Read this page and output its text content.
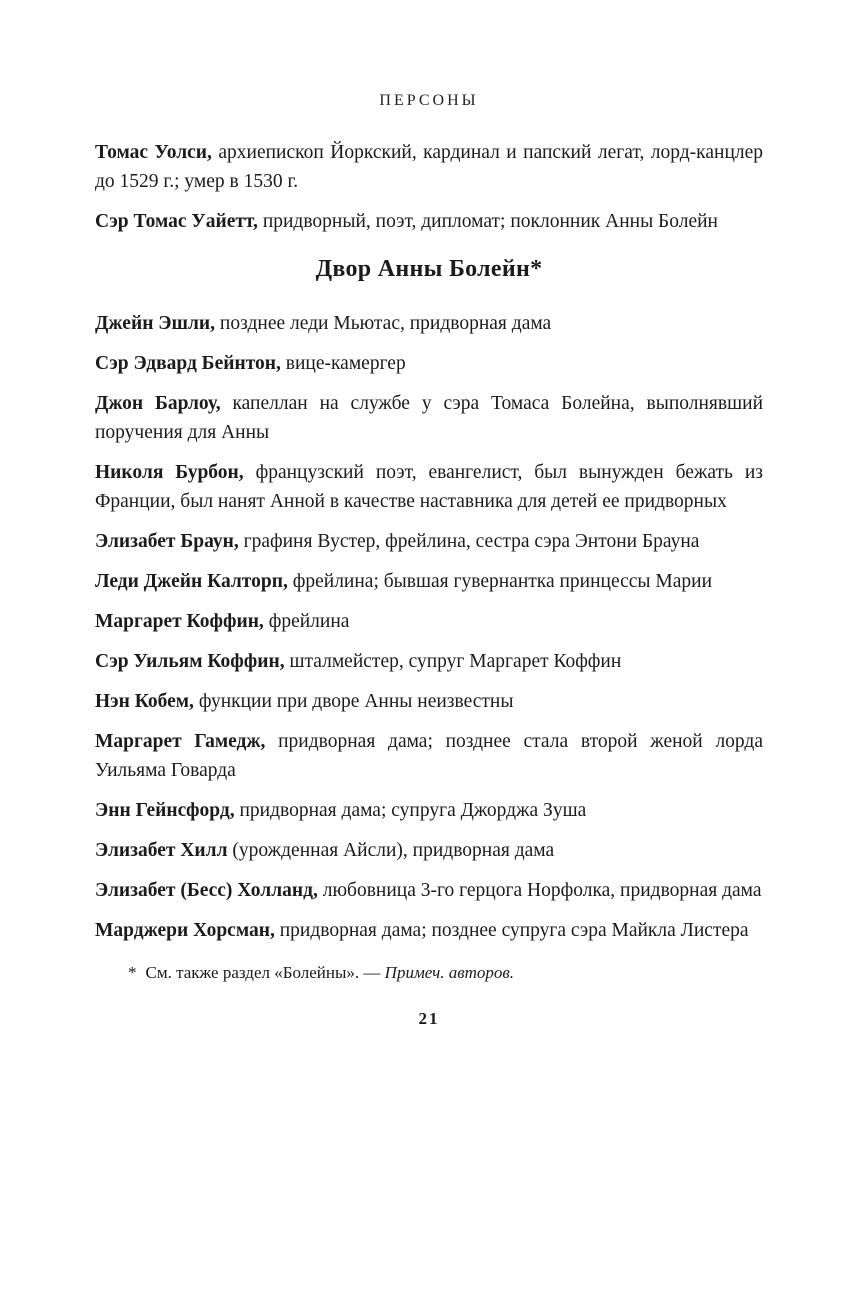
ПЕРСОНЫ

Томас Уолси, архиепископ Йоркский, кардинал и папский легат, лорд-канцлер до 1529 г.; умер в 1530 г.

Сэр Томас Уайетт, придворный, поэт, дипломат; поклонник Анны Болейн

Двор Анны Болейн*

Джейн Эшли, позднее леди Мьютас, придворная дама

Сэр Эдвард Бейнтон, вице-камергер

Джон Барлоу, капеллан на службе у сэра Томаса Болейна, выполнявший поручения для Анны

Николя Бурбон, французский поэт, евангелист, был вынужден бежать из Франции, был нанят Анной в качестве наставника для детей ее придворных

Элизабет Браун, графиня Вустер, фрейлина, сестра сэра Энтони Брауна

Леди Джейн Калторп, фрейлина; бывшая гувернантка принцессы Марии

Маргарет Коффин, фрейлина

Сэр Уильям Коффин, шталмейстер, супруг Маргарет Коффин

Нэн Кобем, функции при дворе Анны неизвестны

Маргарет Гамедж, придворная дама; позднее стала второй женой лорда Уильяма Говарда

Энн Гейнсфорд, придворная дама; супруга Джорджа Зуша

Элизабет Хилл (урожденная Айсли), придворная дама

Элизабет (Бесс) Холланд, любовница 3-го герцога Норфолка, придворная дама

Марджери Хорсман, придворная дама; позднее супруга сэра Майкла Листера

* См. также раздел «Болейны». — Примеч. авторов.

21
